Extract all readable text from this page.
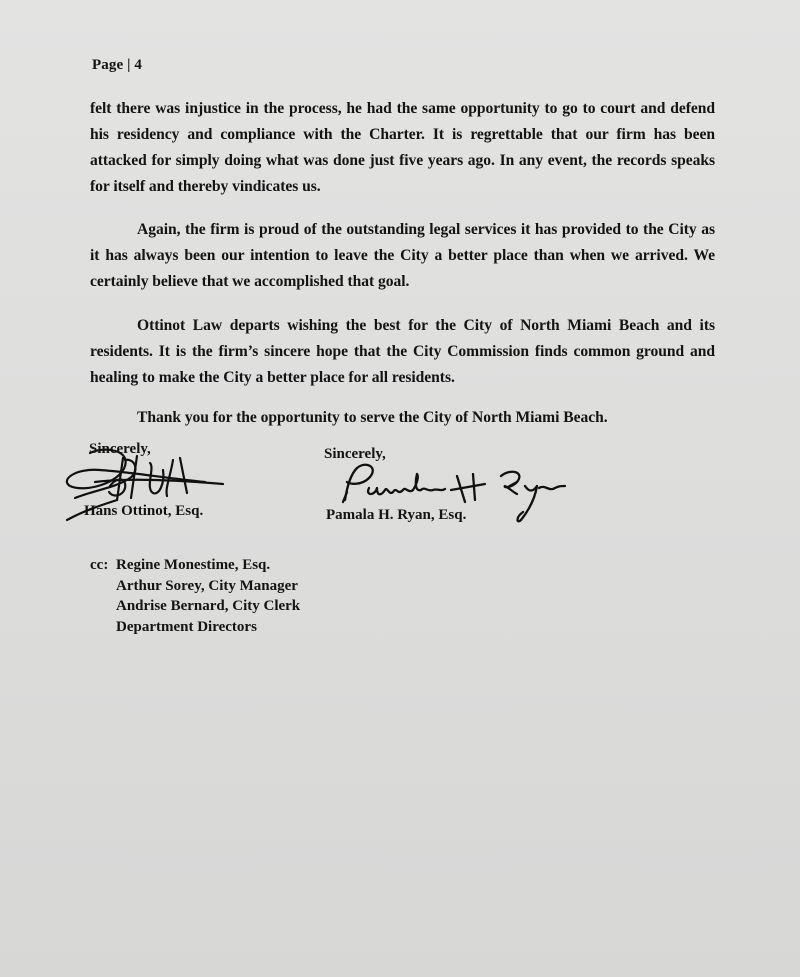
Page | 4
felt there was injustice in the process, he had the same opportunity to go to court and defend his residency and compliance with the Charter. It is regrettable that our firm has been attacked for simply doing what was done just five years ago. In any event, the records speaks for itself and thereby vindicates us.
Again, the firm is proud of the outstanding legal services it has provided to the City as it has always been our intention to leave the City a better place than when we arrived. We certainly believe that we accomplished that goal.
Ottinot Law departs wishing the best for the City of North Miami Beach and its residents. It is the firm’s sincere hope that the City Commission finds common ground and healing to make the City a better place for all residents.
Thank you for the opportunity to serve the City of North Miami Beach.
Sincerely,
Hans Ottinot, Esq.
Sincerely,
Pamala H. Ryan, Esq.
cc: Regine Monestime, Esq.
Arthur Sorey, City Manager
Andrise Bernard, City Clerk
Department Directors
